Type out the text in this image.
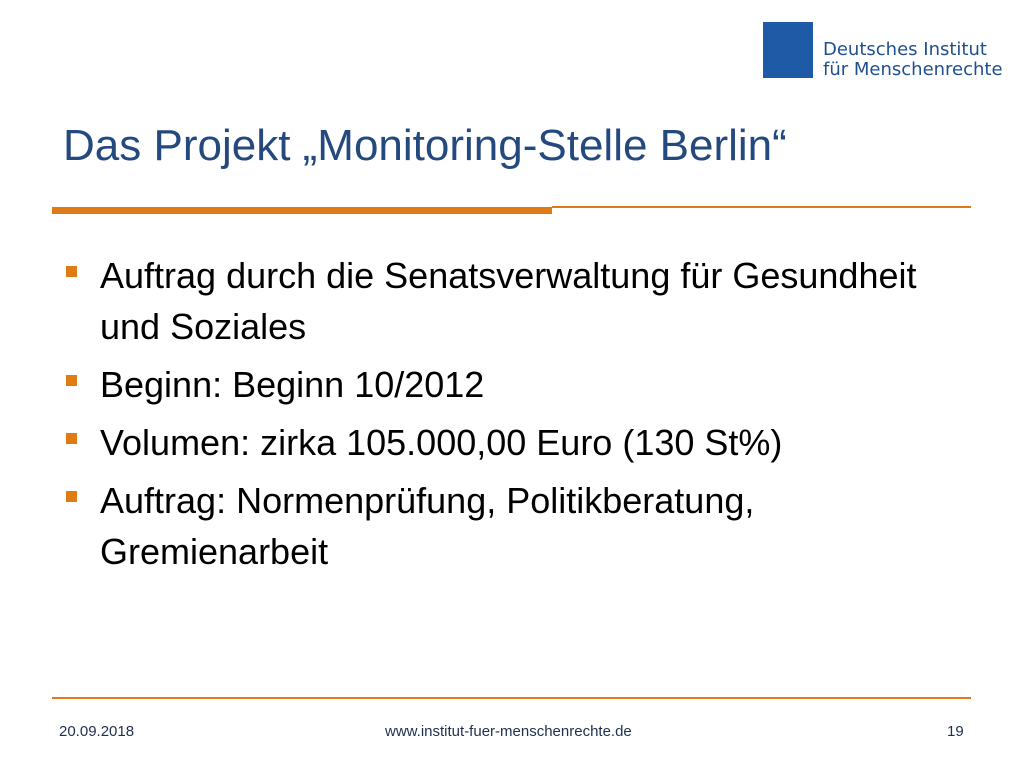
Deutsches Institut
für Menschenrechte
Das Projekt „Monitoring-Stelle Berlin“
Auftrag durch die Senatsverwaltung für Gesundheit und Soziales
Beginn: Beginn 10/2012
Volumen: zirka 105.000,00 Euro (130 St%)
Auftrag: Normenprüfung, Politikberatung, Gremienarbeit
20.09.2018	www.institut-fuer-menschenrechte.de	19
